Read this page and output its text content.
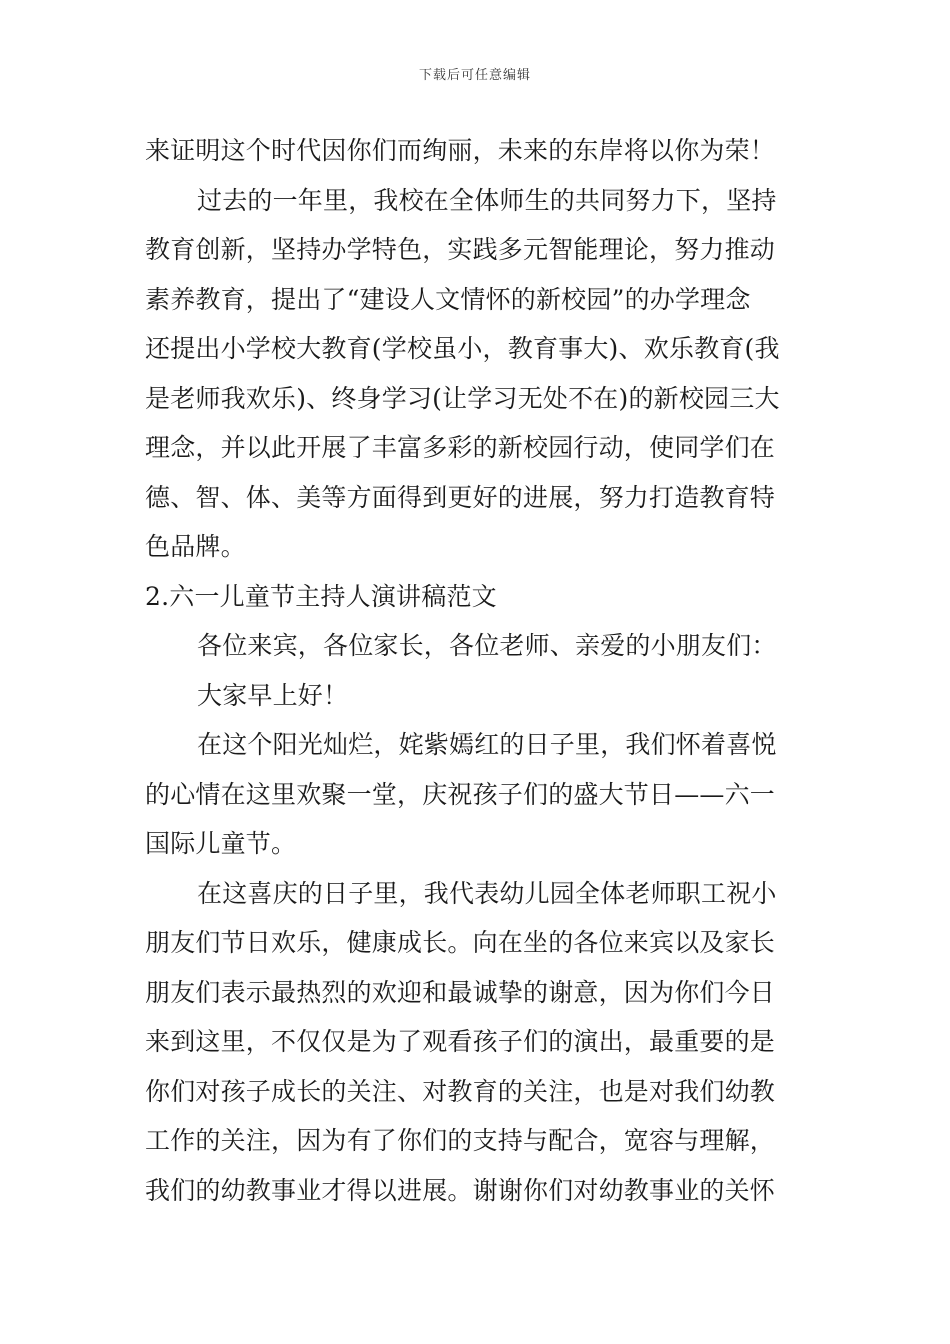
下载后可任意编辑
来证明这个时代因你们而绚丽，未来的东岸将以你为荣！
过去的一年里，我校在全体师生的共同努力下，坚持
教育创新，坚持办学特色，实践多元智能理论，努力推动
素养教育，提出了“建设人文情怀的新校园”的办学理念
还提出小学校大教育(学校虽小，教育事大)、欢乐教育(我
是老师我欢乐)、终身学习(让学习无处不在)的新校园三大
理念，并以此开展了丰富多彩的新校园行动，使同学们在
德、智、体、美等方面得到更好的进展，努力打造教育特
色品牌。
2.六一儿童节主持人演讲稿范文
各位来宾，各位家长，各位老师、亲爱的小朋友们：
大家早上好！
在这个阳光灿烂，姹紫嫣红的日子里，我们怀着喜悦
的心情在这里欢聚一堂，庆祝孩子们的盛大节日——六一
国际儿童节。
在这喜庆的日子里，我代表幼儿园全体老师职工祝小
朋友们节日欢乐，健康成长。向在坐的各位来宾以及家长
朋友们表示最热烈的欢迎和最诚挚的谢意，因为你们今日
来到这里，不仅仅是为了观看孩子们的演出，最重要的是
你们对孩子成长的关注、对教育的关注，也是对我们幼教
工作的关注，因为有了你们的支持与配合，宽容与理解，
我们的幼教事业才得以进展。谢谢你们对幼教事业的关怀
